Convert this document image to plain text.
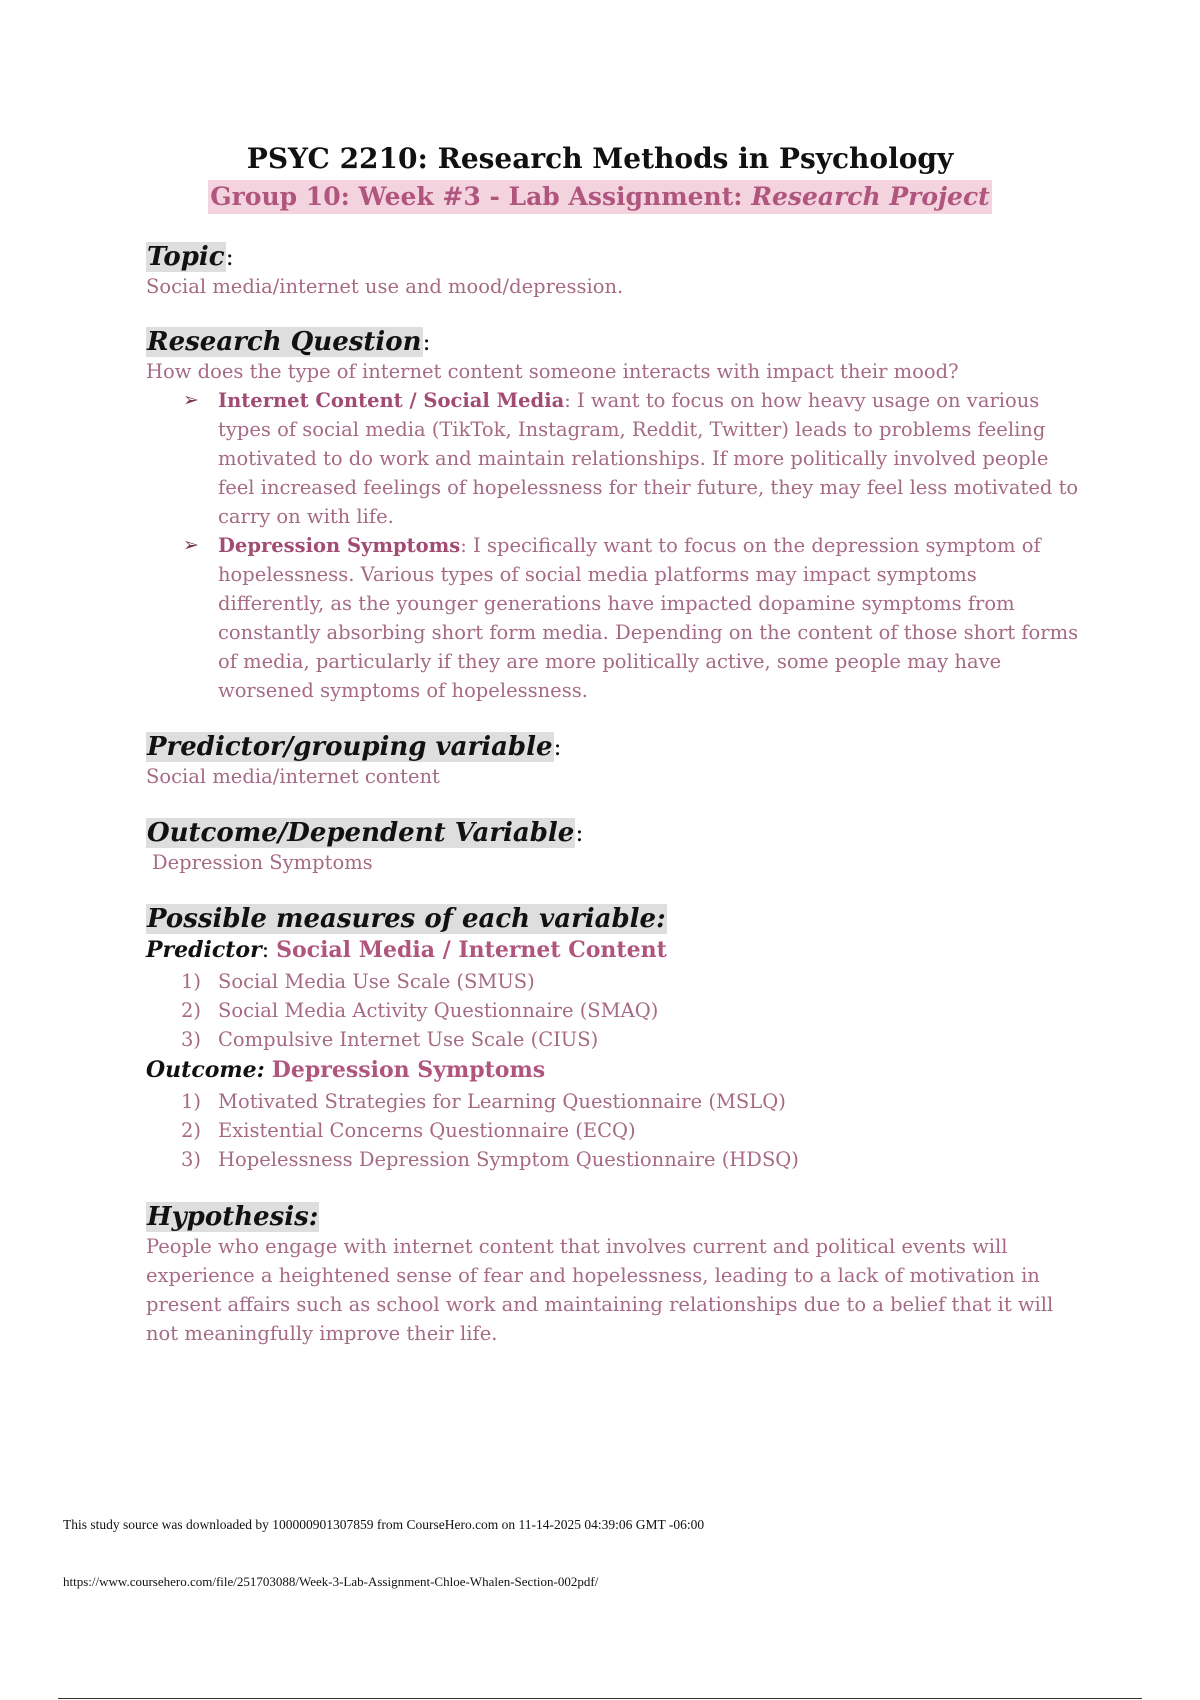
PSYC 2210: Research Methods in Psychology
Group 10: Week #3 - Lab Assignment: Research Project
Topic:
Social media/internet use and mood/depression.
Research Question:
How does the type of internet content someone interacts with impact their mood?
➢ Internet Content / Social Media: I want to focus on how heavy usage on various types of social media (TikTok, Instagram, Reddit, Twitter) leads to problems feeling motivated to do work and maintain relationships. If more politically involved people feel increased feelings of hopelessness for their future, they may feel less motivated to carry on with life.
➢ Depression Symptoms: I specifically want to focus on the depression symptom of hopelessness. Various types of social media platforms may impact symptoms differently, as the younger generations have impacted dopamine symptoms from constantly absorbing short form media. Depending on the content of those short forms of media, particularly if they are more politically active, some people may have worsened symptoms of hopelessness.
Predictor/grouping variable:
Social media/internet content
Outcome/Dependent Variable:
Depression Symptoms
Possible measures of each variable:
Predictor: Social Media / Internet Content
1) Social Media Use Scale (SMUS)
2) Social Media Activity Questionnaire (SMAQ)
3) Compulsive Internet Use Scale (CIUS)
Outcome: Depression Symptoms
1) Motivated Strategies for Learning Questionnaire (MSLQ)
2) Existential Concerns Questionnaire (ECQ)
3) Hopelessness Depression Symptom Questionnaire (HDSQ)
Hypothesis:
People who engage with internet content that involves current and political events will experience a heightened sense of fear and hopelessness, leading to a lack of motivation in present affairs such as school work and maintaining relationships due to a belief that it will not meaningfully improve their life.
This study source was downloaded by 100000901307859 from CourseHero.com on 11-14-2025 04:39:06 GMT -06:00
https://www.coursehero.com/file/251703088/Week-3-Lab-Assignment-Chloe-Whalen-Section-002pdf/
